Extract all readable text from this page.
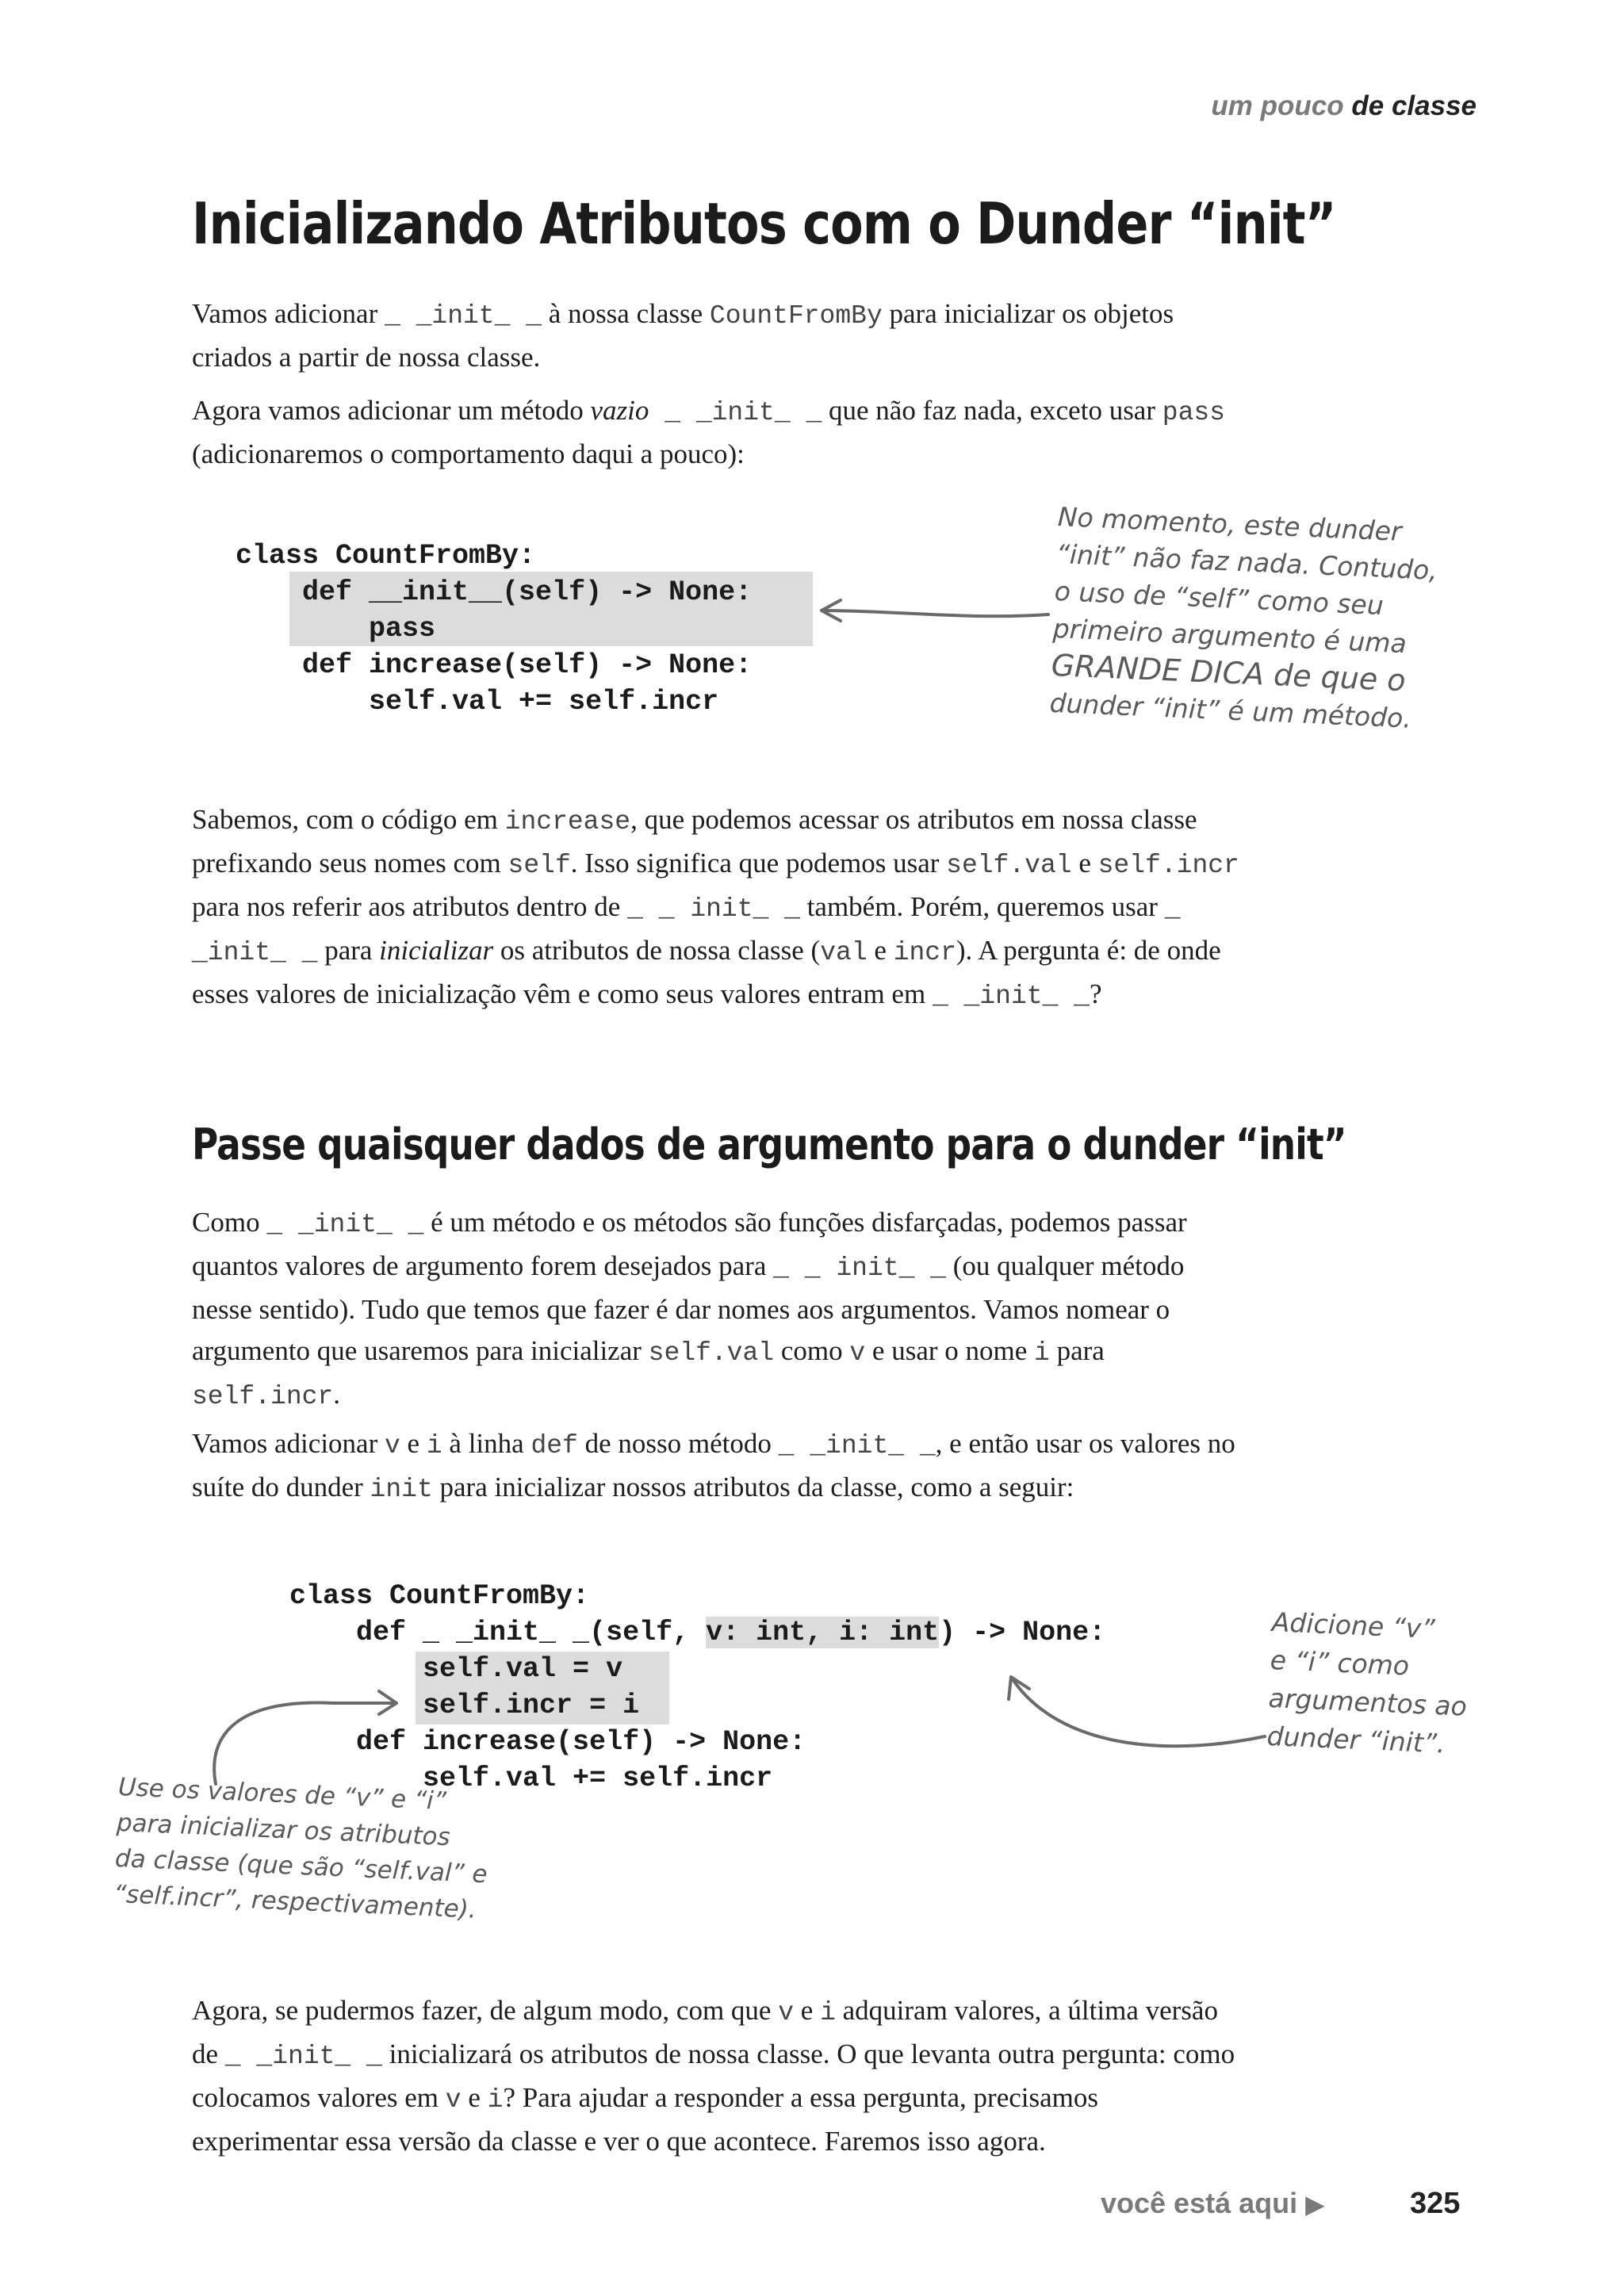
um pouco de classe
Inicializando Atributos com o Dunder “init”

Vamos adicionar _ _init_ _ à nossa classe CountFromBy para inicializar os objetos criados a partir de nossa classe.

Agora vamos adicionar um método vazio _ _init_ _ que não faz nada, exceto usar pass (adicionaremos o comportamento daqui a pouco):

class CountFromBy:
def __init__(self) -> None:
pass
def increase(self) -> None:
self.val += self.incr
No momento, este dunder
“init” não faz nada. Contudo,
o uso de “self” como seu
primeiro argumento é uma
GRANDE DICA de que o
dunder “init” é um método.

Sabemos, com o código em increase, que podemos acessar os atributos em nossa classe prefixando seus nomes com self. Isso significa que podemos usar self.val e self.incr para nos referir aos atributos dentro de _ _ init_ _ também. Porém, queremos usar _ _init_ _ para inicializar os atributos de nossa classe (val e incr). A pergunta é: de onde esses valores de inicialização vêm e como seus valores entram em _ _init_ _?

Passe quaisquer dados de argumento para o dunder “init”

Como _ _init_ _ é um método e os métodos são funções disfarçadas, podemos passar quantos valores de argumento forem desejados para _ _ init_ _ (ou qualquer método nesse sentido). Tudo que temos que fazer é dar nomes aos argumentos. Vamos nomear o argumento que usaremos para inicializar self.val como v e usar o nome i para self.incr.

Vamos adicionar v e i à linha def de nosso método _ _init_ _, e então usar os valores no suíte do dunder init para inicializar nossos atributos da classe, como a seguir:

class CountFromBy:
def _ _init_ _(self, v: int, i: int) -> None:
self.val = v
self.incr = i
def increase(self) -> None:
self.val += self.incr
Adicione “v”
e “i” como
argumentos ao
dunder “init”.
Use os valores de “v” e “i”
para inicializar os atributos
da classe (que são “self.val” e
“self.incr”, respectivamente).

Agora, se pudermos fazer, de algum modo, com que v e i adquiram valores, a última versão de _ _init_ _ inicializará os atributos de nossa classe. O que levanta outra pergunta: como colocamos valores em v e i? Para ajudar a responder a essa pergunta, precisamos experimentar essa versão da classe e ver o que acontece. Faremos isso agora.

você está aqui ▶	325
